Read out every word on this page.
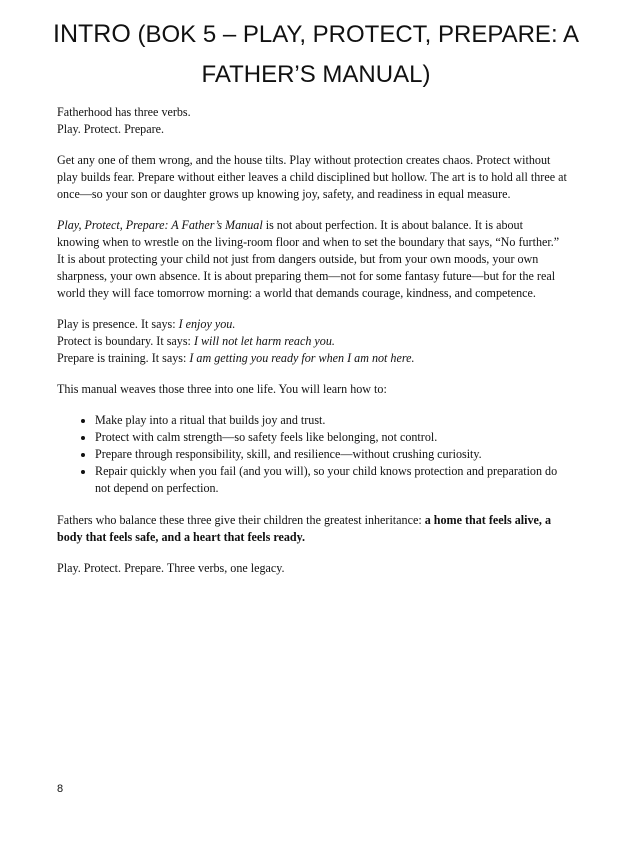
INTRO (BOK 5 – PLAY, PROTECT, PREPARE: A
FATHER’S MANUAL)

Fatherhood has three verbs.
Play. Protect. Prepare.

Get any one of them wrong, and the house tilts. Play without protection creates chaos. Protect without play builds fear. Prepare without either leaves a child disciplined but hollow. The art is to hold all three at once—so your son or daughter grows up knowing joy, safety, and readiness in equal measure.

Play, Protect, Prepare: A Father’s Manual is not about perfection. It is about balance. It is about knowing when to wrestle on the living-room floor and when to set the boundary that says, “No further.” It is about protecting your child not just from dangers outside, but from your own moods, your own sharpness, your own absence. It is about preparing them—not for some fantasy future—but for the real world they will face tomorrow morning: a world that demands courage, kindness, and competence.

Play is presence. It says: I enjoy you.
Protect is boundary. It says: I will not let harm reach you.
Prepare is training. It says: I am getting you ready for when I am not here.

This manual weaves those three into one life. You will learn how to:

• Make play into a ritual that builds joy and trust.
• Protect with calm strength—so safety feels like belonging, not control.
• Prepare through responsibility, skill, and resilience—without crushing curiosity.
• Repair quickly when you fail (and you will), so your child knows protection and preparation do not depend on perfection.

Fathers who balance these three give their children the greatest inheritance: a home that feels alive, a body that feels safe, and a heart that feels ready.

Play. Protect. Prepare. Three verbs, one legacy.

8
